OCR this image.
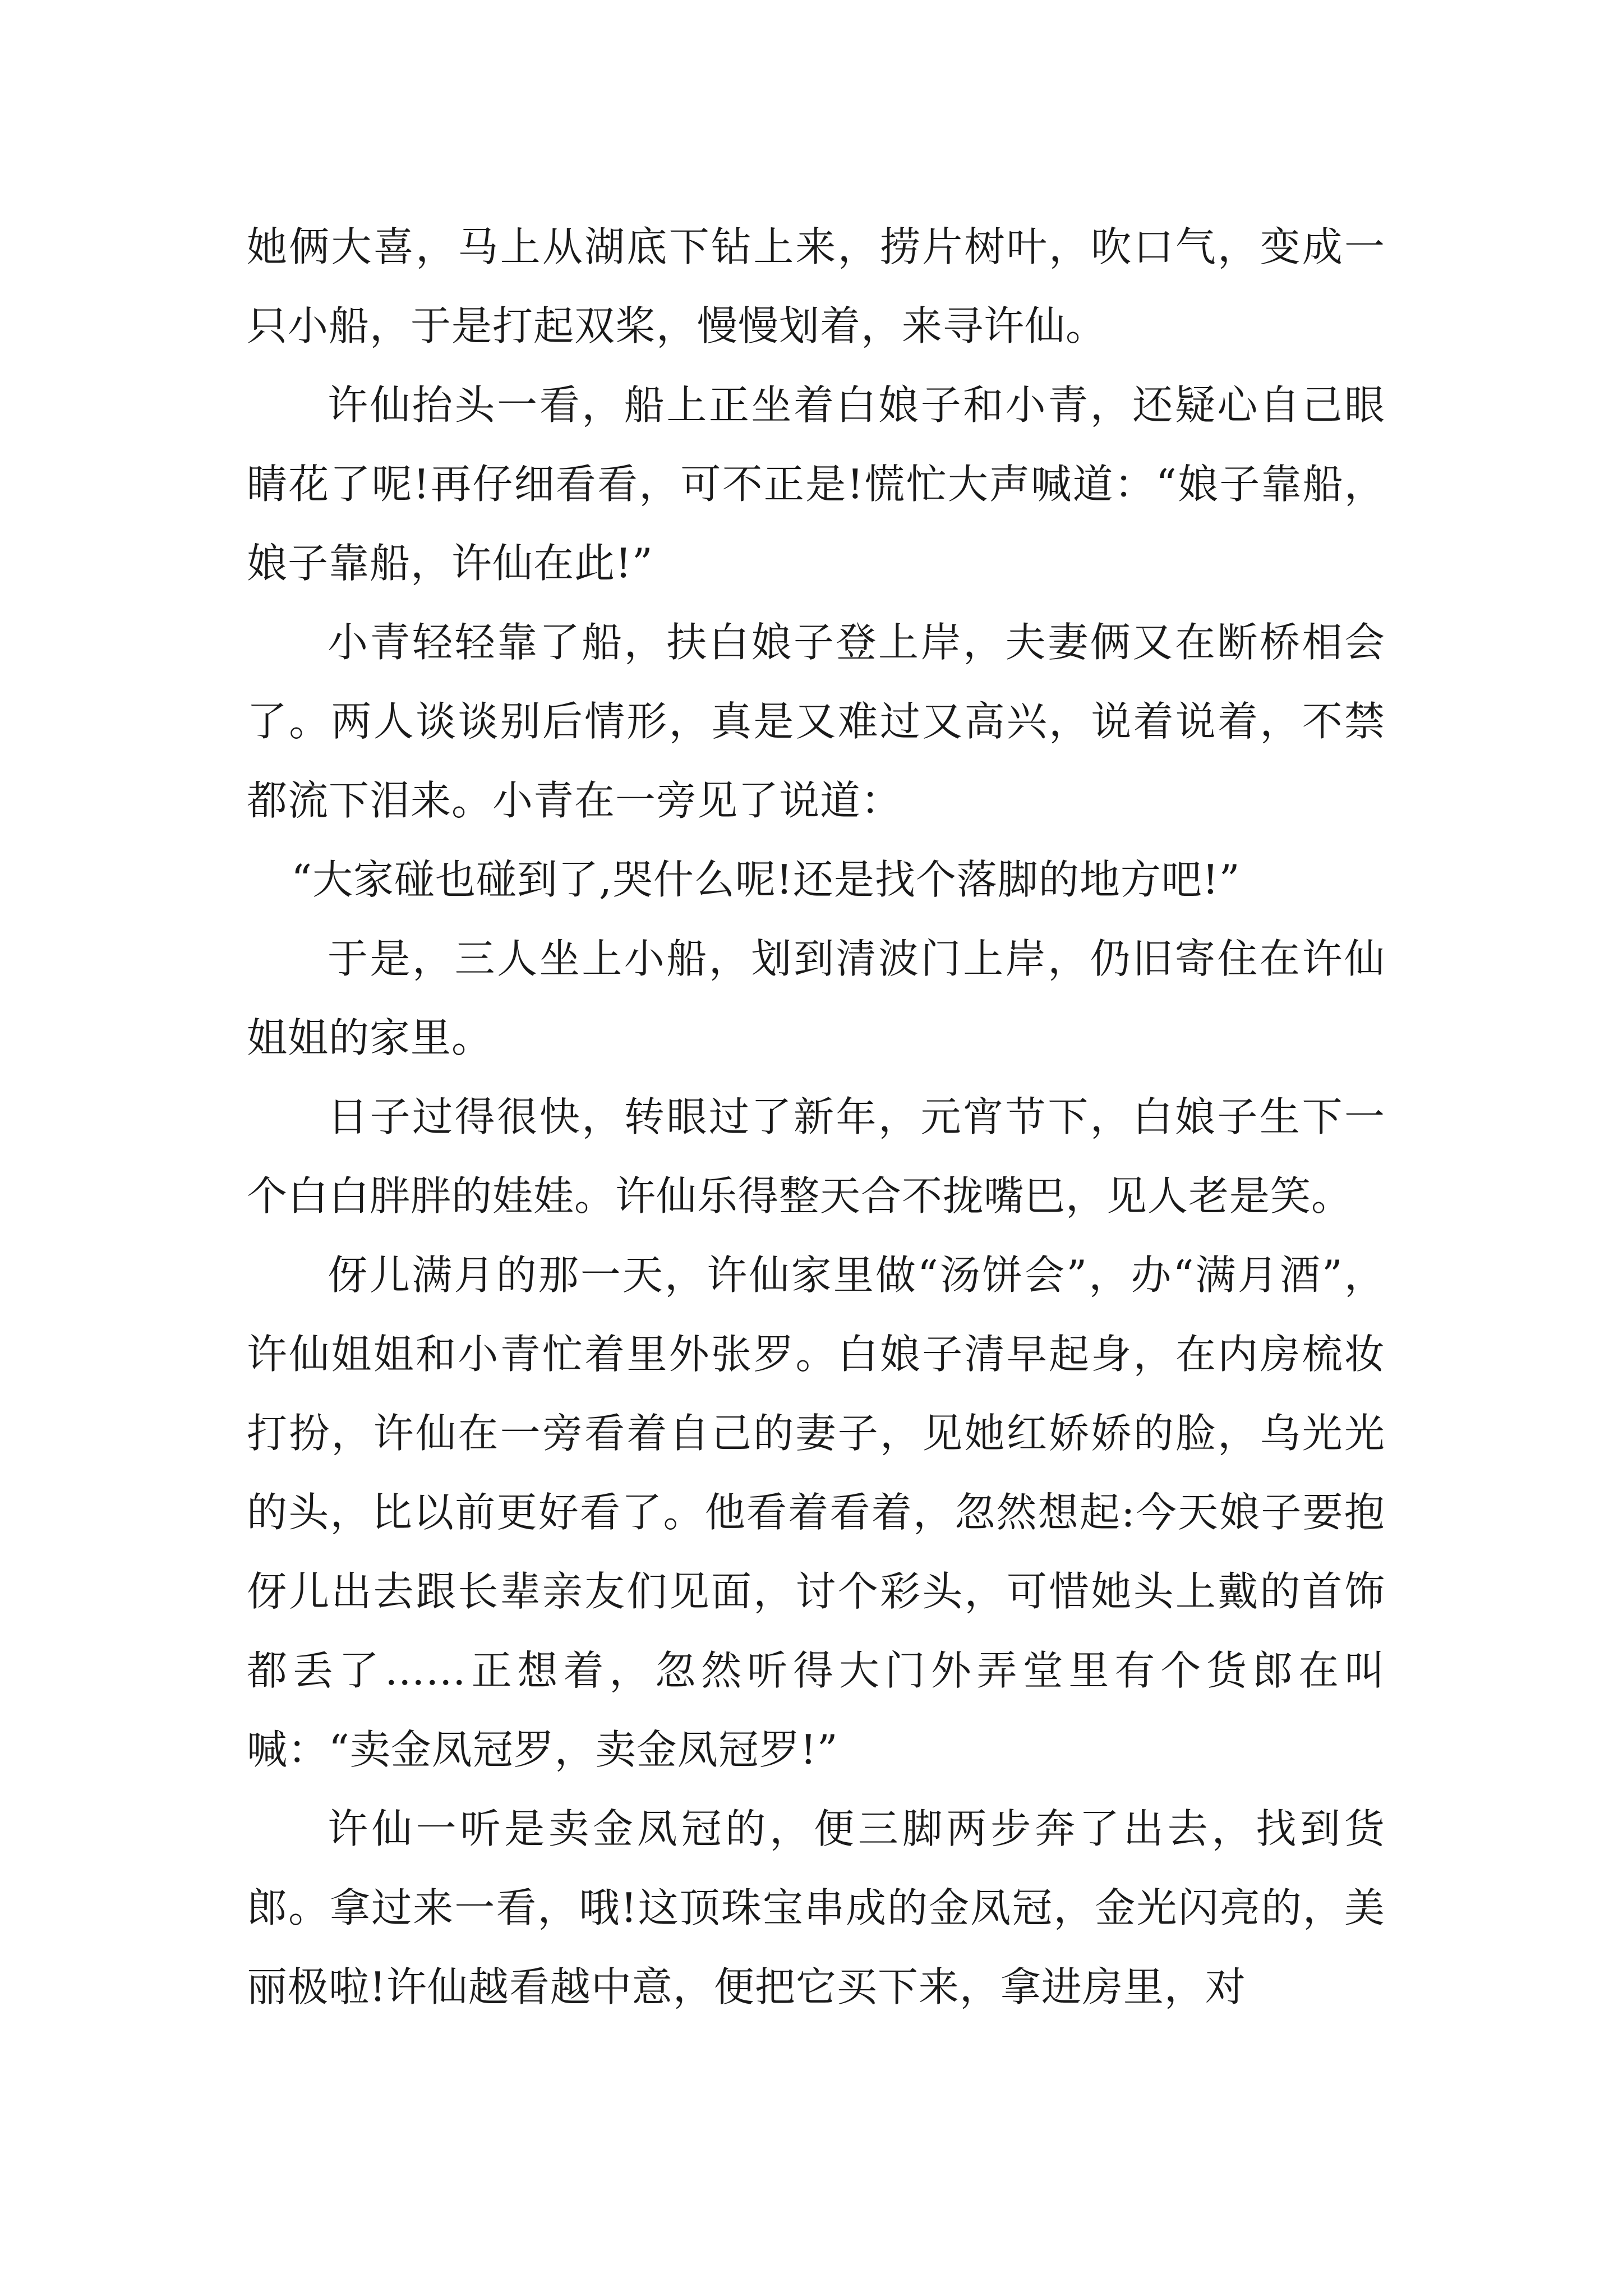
她俩大喜，马上从湖底下钻上来，捞片树叶，吹口气，变成一只小船，于是打起双桨，慢慢划着，来寻许仙。

许仙抬头一看，船上正坐着白娘子和小青，还疑心自己眼睛花了呢!再仔细看看，可不正是!慌忙大声喊道：“娘子靠船，娘子靠船，许仙在此!”

小青轻轻靠了船，扶白娘子登上岸，夫妻俩又在断桥相会了。两人谈谈别后情形，真是又难过又高兴，说着说着，不禁都流下泪来。小青在一旁见了说道：

“大家碰也碰到了,哭什么呢!还是找个落脚的地方吧!”

于是，三人坐上小船，划到清波门上岸，仍旧寄住在许仙姐姐的家里。

日子过得很快，转眼过了新年，元宵节下，白娘子生下一个白白胖胖的娃娃。许仙乐得整天合不拢嘴巴，见人老是笑。

伢儿满月的那一天，许仙家里做“汤饼会”，办“满月酒”，许仙姐姐和小青忙着里外张罗。白娘子清早起身，在内房梳妆打扮，许仙在一旁看着自己的妻子，见她红娇娇的脸，乌光光的头，比以前更好看了。他看着看着，忽然想起:今天娘子要抱伢儿出去跟长辈亲友们见面，讨个彩头，可惜她头上戴的首饰都丢了……正想着，忽然听得大门外弄堂里有个货郎在叫喊：“卖金凤冠罗，卖金凤冠罗!”

许仙一听是卖金凤冠的，便三脚两步奔了出去，找到货郎。拿过来一看，哦!这顶珠宝串成的金凤冠，金光闪亮的，美丽极啦!许仙越看越中意，便把它买下来，拿进房里，对
